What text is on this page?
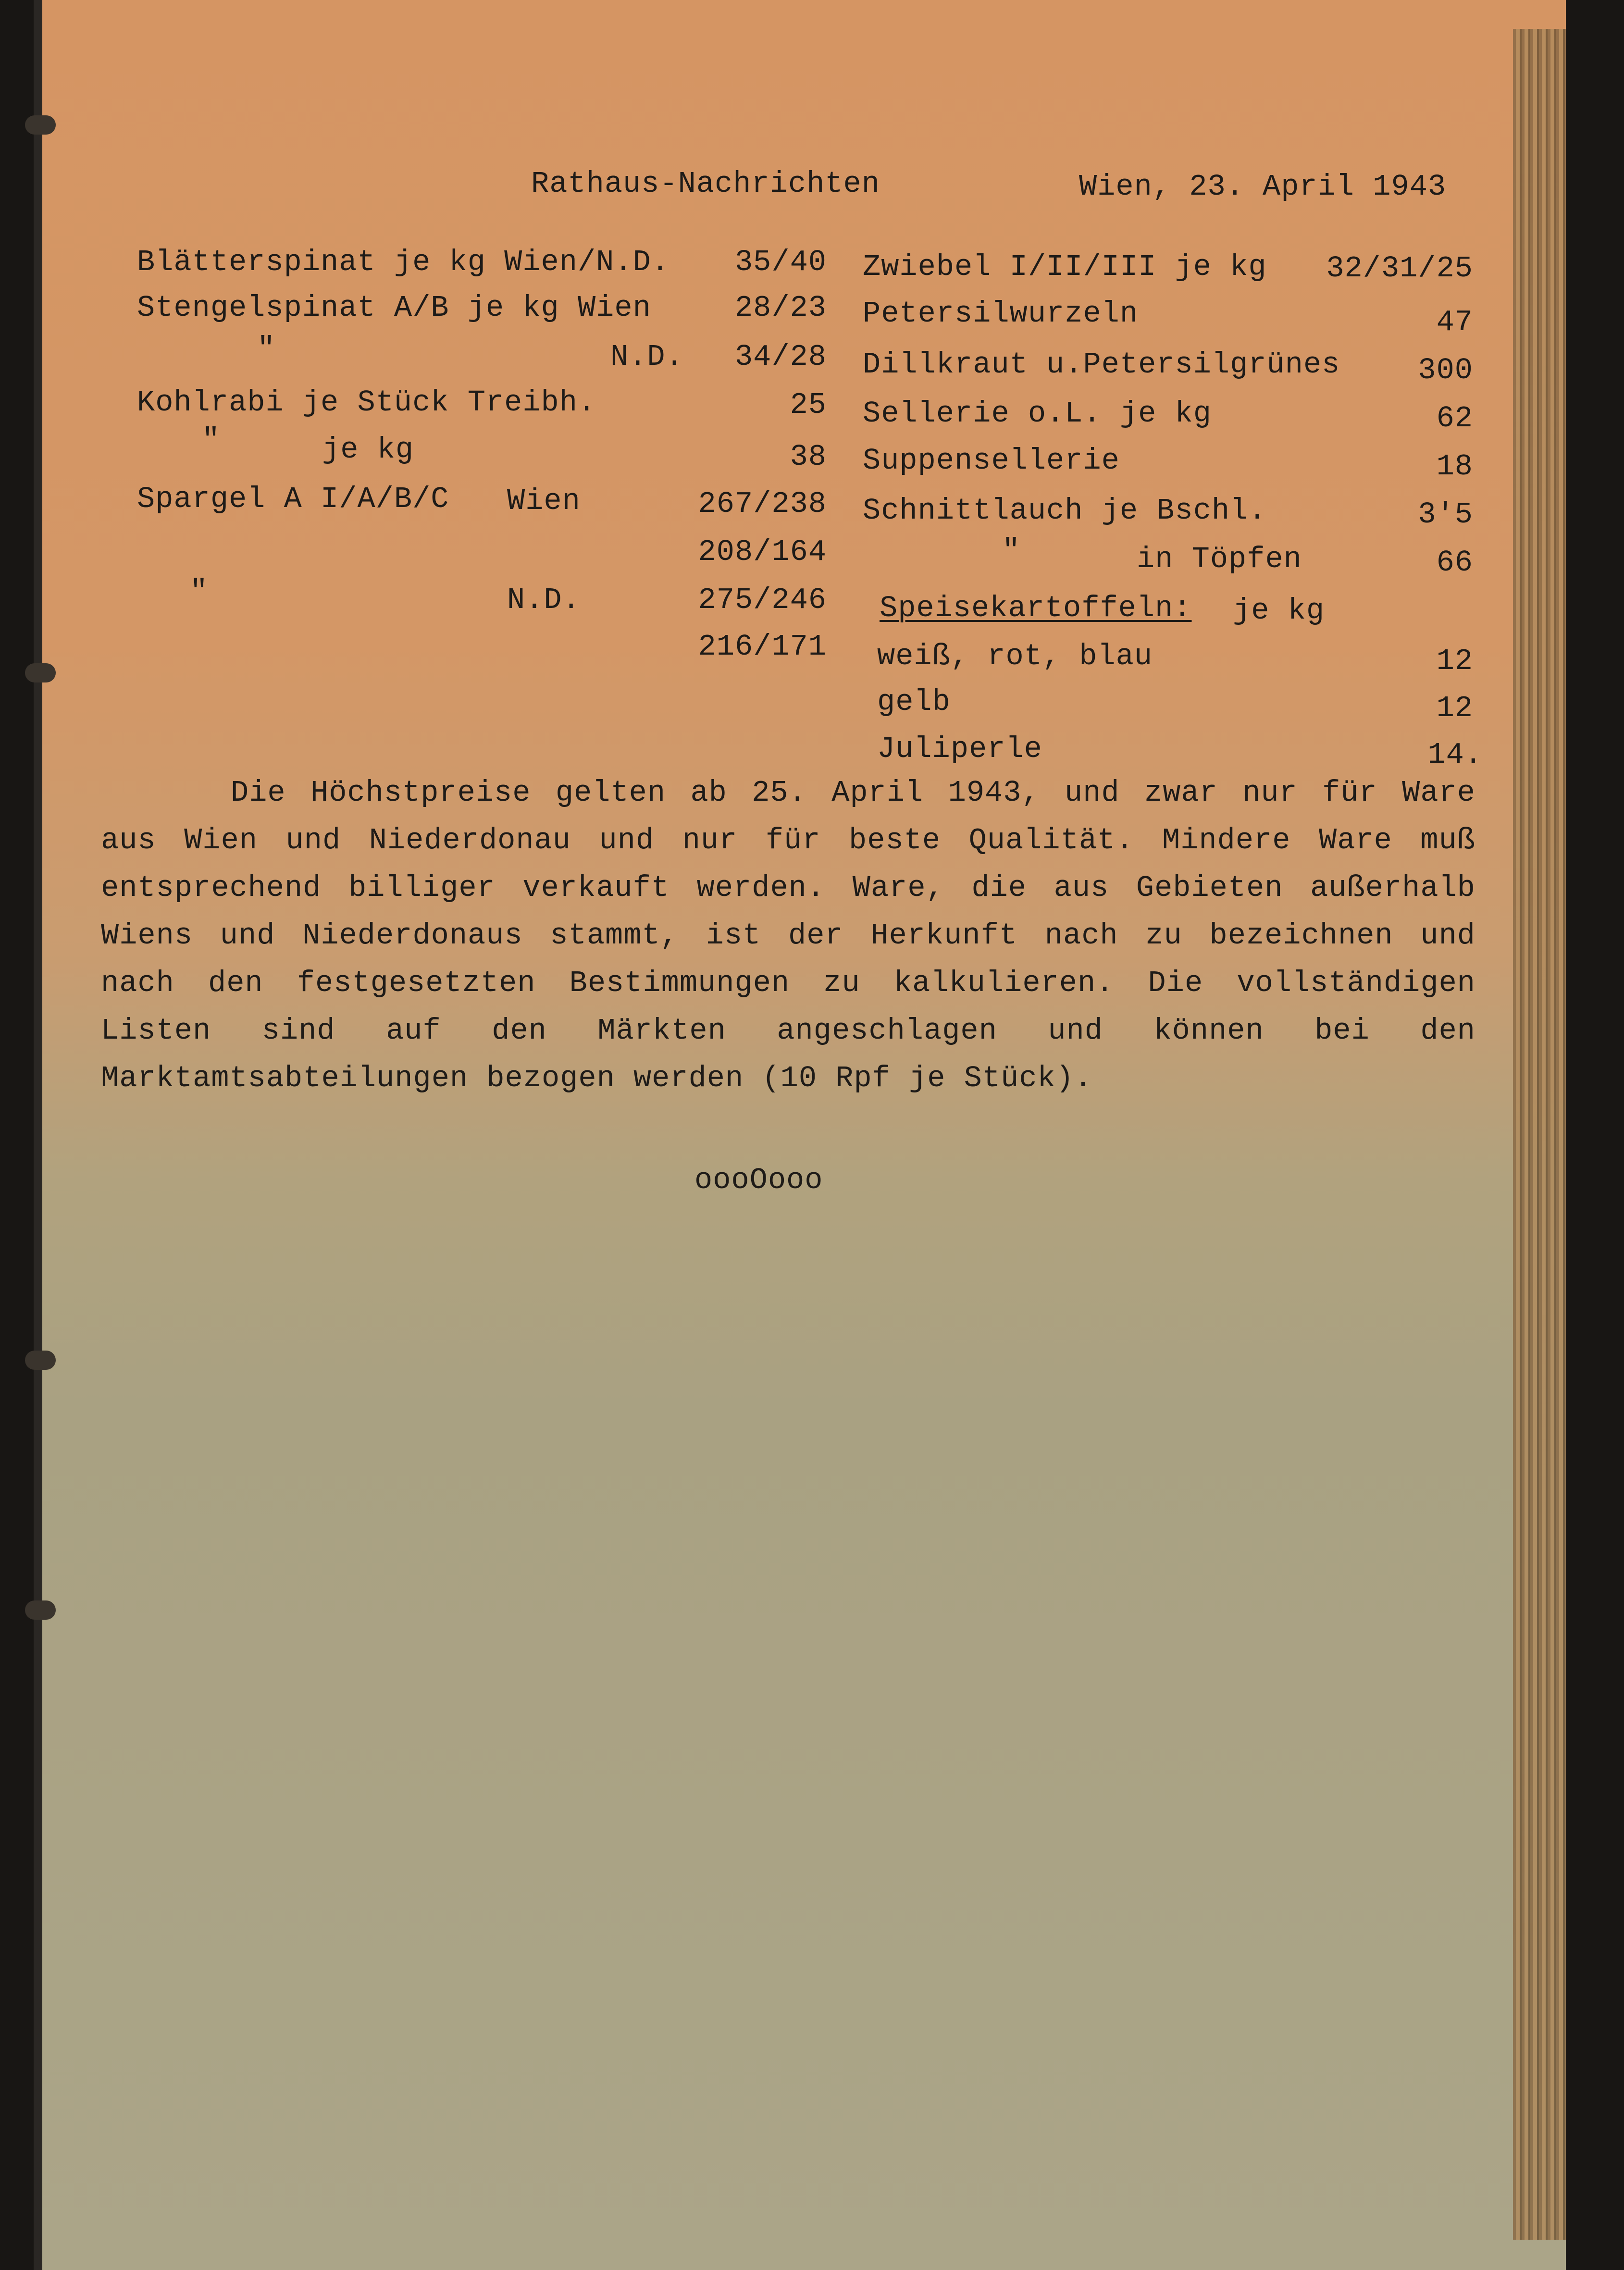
Rathaus-Nachrichten	Wien, 23. April 1943
Blätterspinat je kg Wien/N.D.	35/40
Stengelspinat A/B je kg Wien	28/23
"	N.D.	34/28
Kohlrabi je Stück Treibh.	25
"	je kg	38
Spargel A I/A/B/C Wien	267/238
208/164
"	N.D.	275/246
216/171
Zwiebel I/II/III je kg	32/31/25
Petersilwurzeln	47
Dillkraut u.Petersilgrünes	300
Sellerie o.L. je kg	62
Suppensellerie	18
Schnittlauch je Bschl.	3'5
"	in Töpfen	66
Speisekartoffeln: je kg
weiß, rot, blau	12
gelb	12
Juliperle	14.
Die Höchstpreise gelten ab 25. April 1943, und zwar nur für Ware aus Wien und Niederdonau und nur für beste Qualität. Mindere Ware muß entsprechend billiger verkauft werden. Ware, die aus Gebieten außerhalb Wiens und Niederdonaus stammt, ist der Herkunft nach zu bezeichnen und nach den festgesetzten Bestimmungen zu kalkulieren. Die vollständigen Listen sind auf den Märkten angeschlagen und können bei den Marktamtsabteilungen bezogen werden (10 Rpf je Stück).
oooOooo
